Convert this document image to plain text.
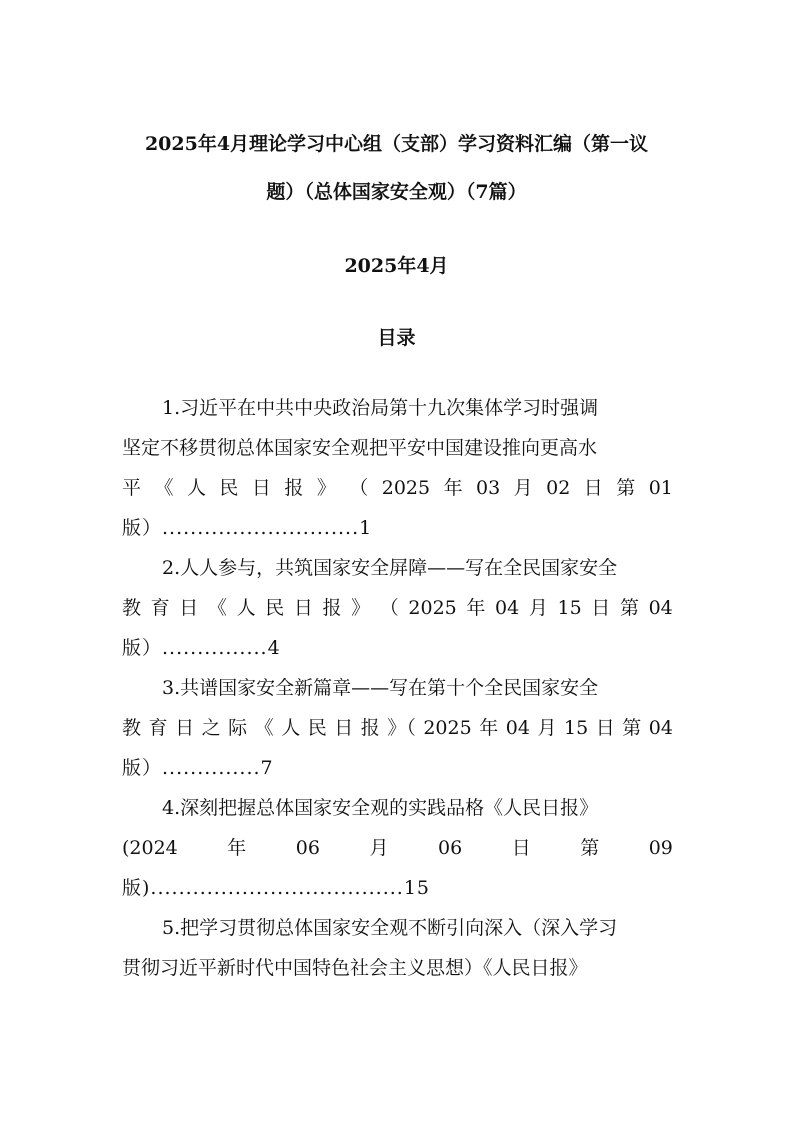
2025年4月理论学习中心组（支部）学习资料汇编（第一议
题）（总体国家安全观）（7篇）
2025年4月
目录
1.习近平在中共中央政治局第十九次集体学习时强调
坚定不移贯彻总体国家安全观把平安中国建设推向更高水
平 《 人 民 日 报 》 （ 2025 年 03 月 02 日 第 01
版）............................1
2.人人参与，共筑国家安全屏障——写在全民国家安全
教 育 日 《 人 民 日 报 》 （ 2025 年 04 月 15 日 第 04
版）...............4
3.共谱国家安全新篇章——写在第十个全民国家安全
教 育 日 之 际 《 人 民 日 报 》（ 2025 年 04 月 15 日 第 04
版）..............7
4.深刻把握总体国家安全观的实践品格《人民日报》
(2024	年	06	月	06	日	第	09
版)....................................15
5.把学习贯彻总体国家安全观不断引向深入（深入学习
贯彻习近平新时代中国特色社会主义思想）《人民日报》
